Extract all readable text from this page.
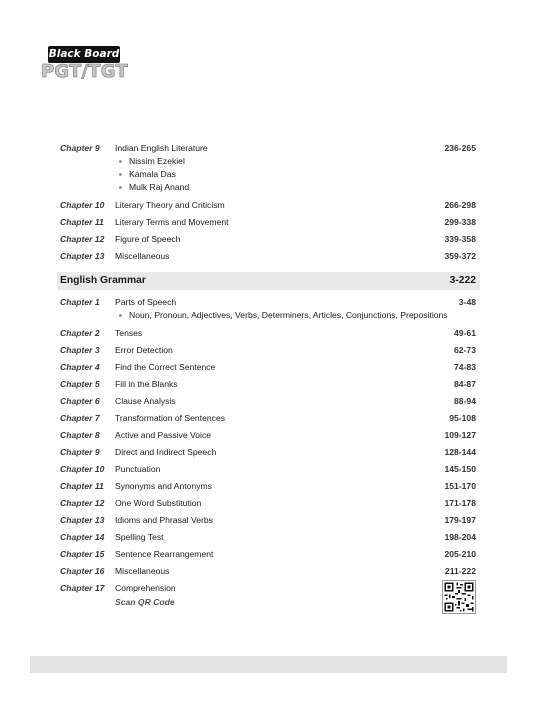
Black Board
PGT/TGT
Chapter 9	Indian English Literature	236-265
Nissim Ezekiel
Kamala Das
Mulk Raj Anand
Chapter 10	Literary Theory and Criticism	266-298
Chapter 11	Literary Terms and Movement	299-338
Chapter 12	Figure of Speech	339-358
Chapter 13	Miscellaneous	359-372
English Grammar	3-222
Chapter 1	Parts of Speech	3-48
Noun, Pronoun, Adjectives, Verbs, Determiners, Articles, Conjunctions, Prepositions
Chapter 2	Tenses	49-61
Chapter 3	Error Detection	62-73
Chapter 4	Find the Correct Sentence	74-83
Chapter 5	Fill in the Blanks	84-87
Chapter 6	Clause Analysis	88-94
Chapter 7	Transformation of Sentences	95-108
Chapter 8	Active and Passive Voice	109-127
Chapter 9	Direct and Indirect Speech	128-144
Chapter 10	Punctuation	145-150
Chapter 11	Synonyms and Antonyms	151-170
Chapter 12	One Word Substitution	171-178
Chapter 13	Idioms and Phrasal Verbs	179-197
Chapter 14	Spelling Test	198-204
Chapter 15	Sentence Rearrangement	205-210
Chapter 16	Miscellaneous	211-222
Chapter 17	Comprehension
Scan QR Code
